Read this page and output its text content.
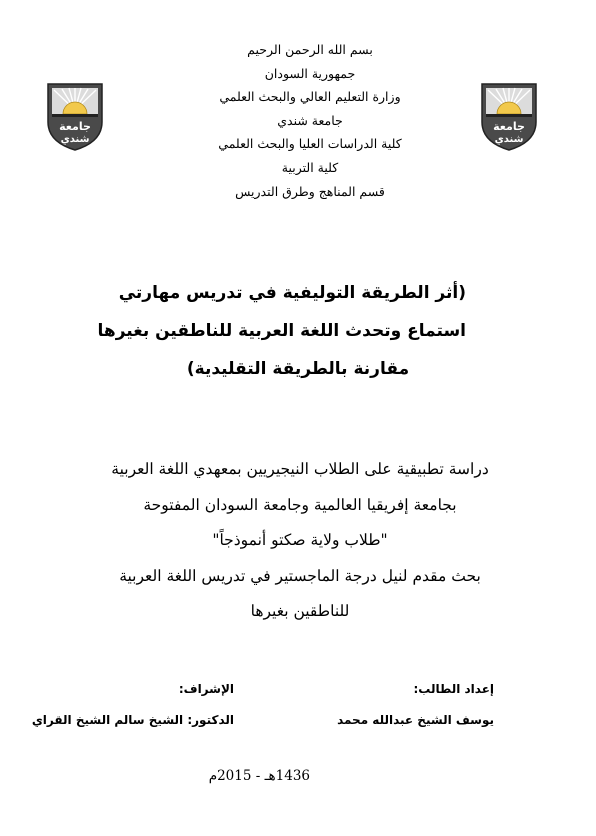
جامعة
شندي
جامعة
شندي
بسم الله الرحمن الرحيم
جمهورية السودان
وزارة التعليم العالي والبحث العلمي
جامعة شندي
كلية الدراسات العليا والبحث العلمي
كلية التربية
قسم المناهج وطرق التدريس
(أثر الطريقة التوليفية في تدريس مهارتي
استماع وتحدث اللغة العربية للناطقين بغيرها
مقارنة بالطريقة التقليدية)
دراسة تطبيقية على الطلاب النيجيريين بمعهدي اللغة العربية
بجامعة إفريقيا العالمية وجامعة السودان المفتوحة
"طلاب ولاية صكتو أنموذجاً"
بحث مقدم لنيل درجة الماجستير في تدريس اللغة العربية
للناطقين بغيرها
إعداد الطالب:
يوسف الشيخ عبدالله محمد
الإشراف:
الدكتور: الشيخ سالم الشيخ القراي
1436هـ - 2015م
